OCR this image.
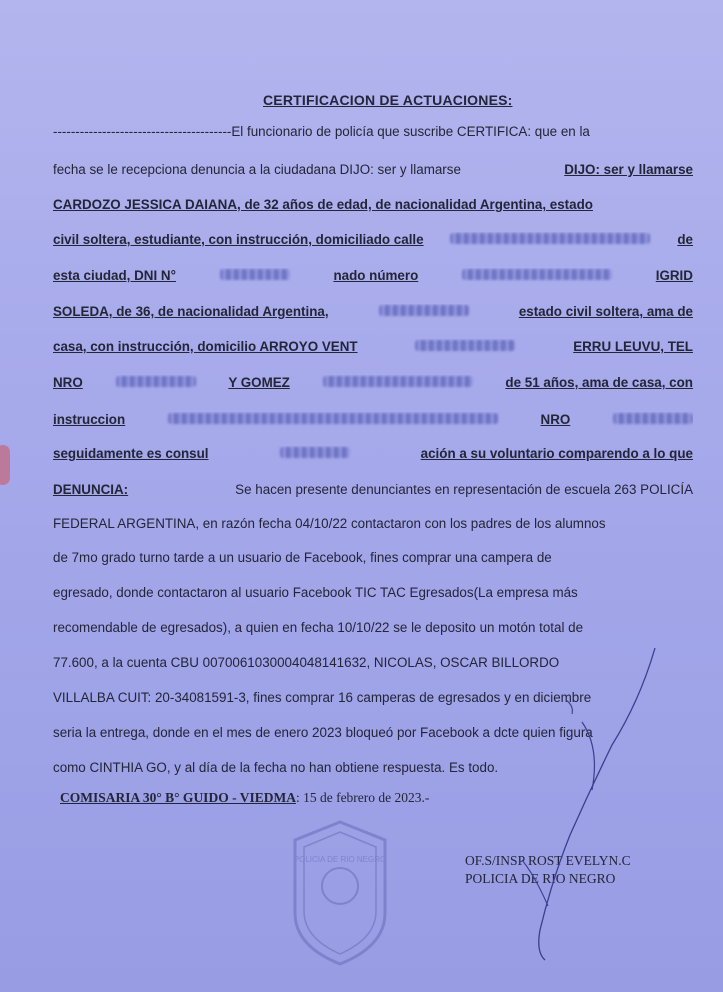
CERTIFICACION DE ACTUACIONES:
----------------------------------------El funcionario de policía que suscribe CERTIFICA: que en la
fecha se le recepciona denuncia a la ciudadana DIJO: ser y llamarse	DIJO: ser y llamarse
CARDOZO JESSICA DAIANA, de 32 años de edad, de nacionalidad Argentina, estado
civil soltera, estudiante, con instrucción, domiciliado calle	de
esta ciudad, DNI N°	nado número	IGRID
SOLEDA, de 36, de nacionalidad Argentina,	estado civil soltera, ama de
casa, con instrucción, domicilio ARROYO VENT	ERRU LEUVU, TEL
NRO	Y GOMEZ	de 51 años, ama de casa, con
instruccion	NRO
seguidamente es consul	ación a su voluntario comparendo a lo que
DENUNCIA:	Se hacen presente denunciantes en representación de escuela 263 POLICÍA
FEDERAL ARGENTINA, en razón fecha 04/10/22 contactaron con los padres de los alumnos
de 7mo grado turno tarde a un usuario de Facebook, fines comprar una campera de
egresado, donde contactaron al usuario Facebook TIC TAC Egresados(La empresa más
recomendable de egresados), a quien en fecha 10/10/22 se le deposito un motón total de
77.600, a la cuenta CBU 0070061030004048141632, NICOLAS, OSCAR BILLORDO
VILLALBA CUIT: 20-34081591-3, fines comprar 16 camperas de egresados y en diciembre
seria la entrega, donde en el mes de enero 2023 bloqueó por Facebook a dcte quien figura
como CINTHIA GO, y al día de la fecha no han obtiene respuesta. Es todo.
COMISARIA 30° B° GUIDO - VIEDMA: 15 de febrero de 2023.-
POLICIA DE RIO NEGRO	OF.S/INSP ROST EVELYN.C
POLICIA DE RIO NEGRO
